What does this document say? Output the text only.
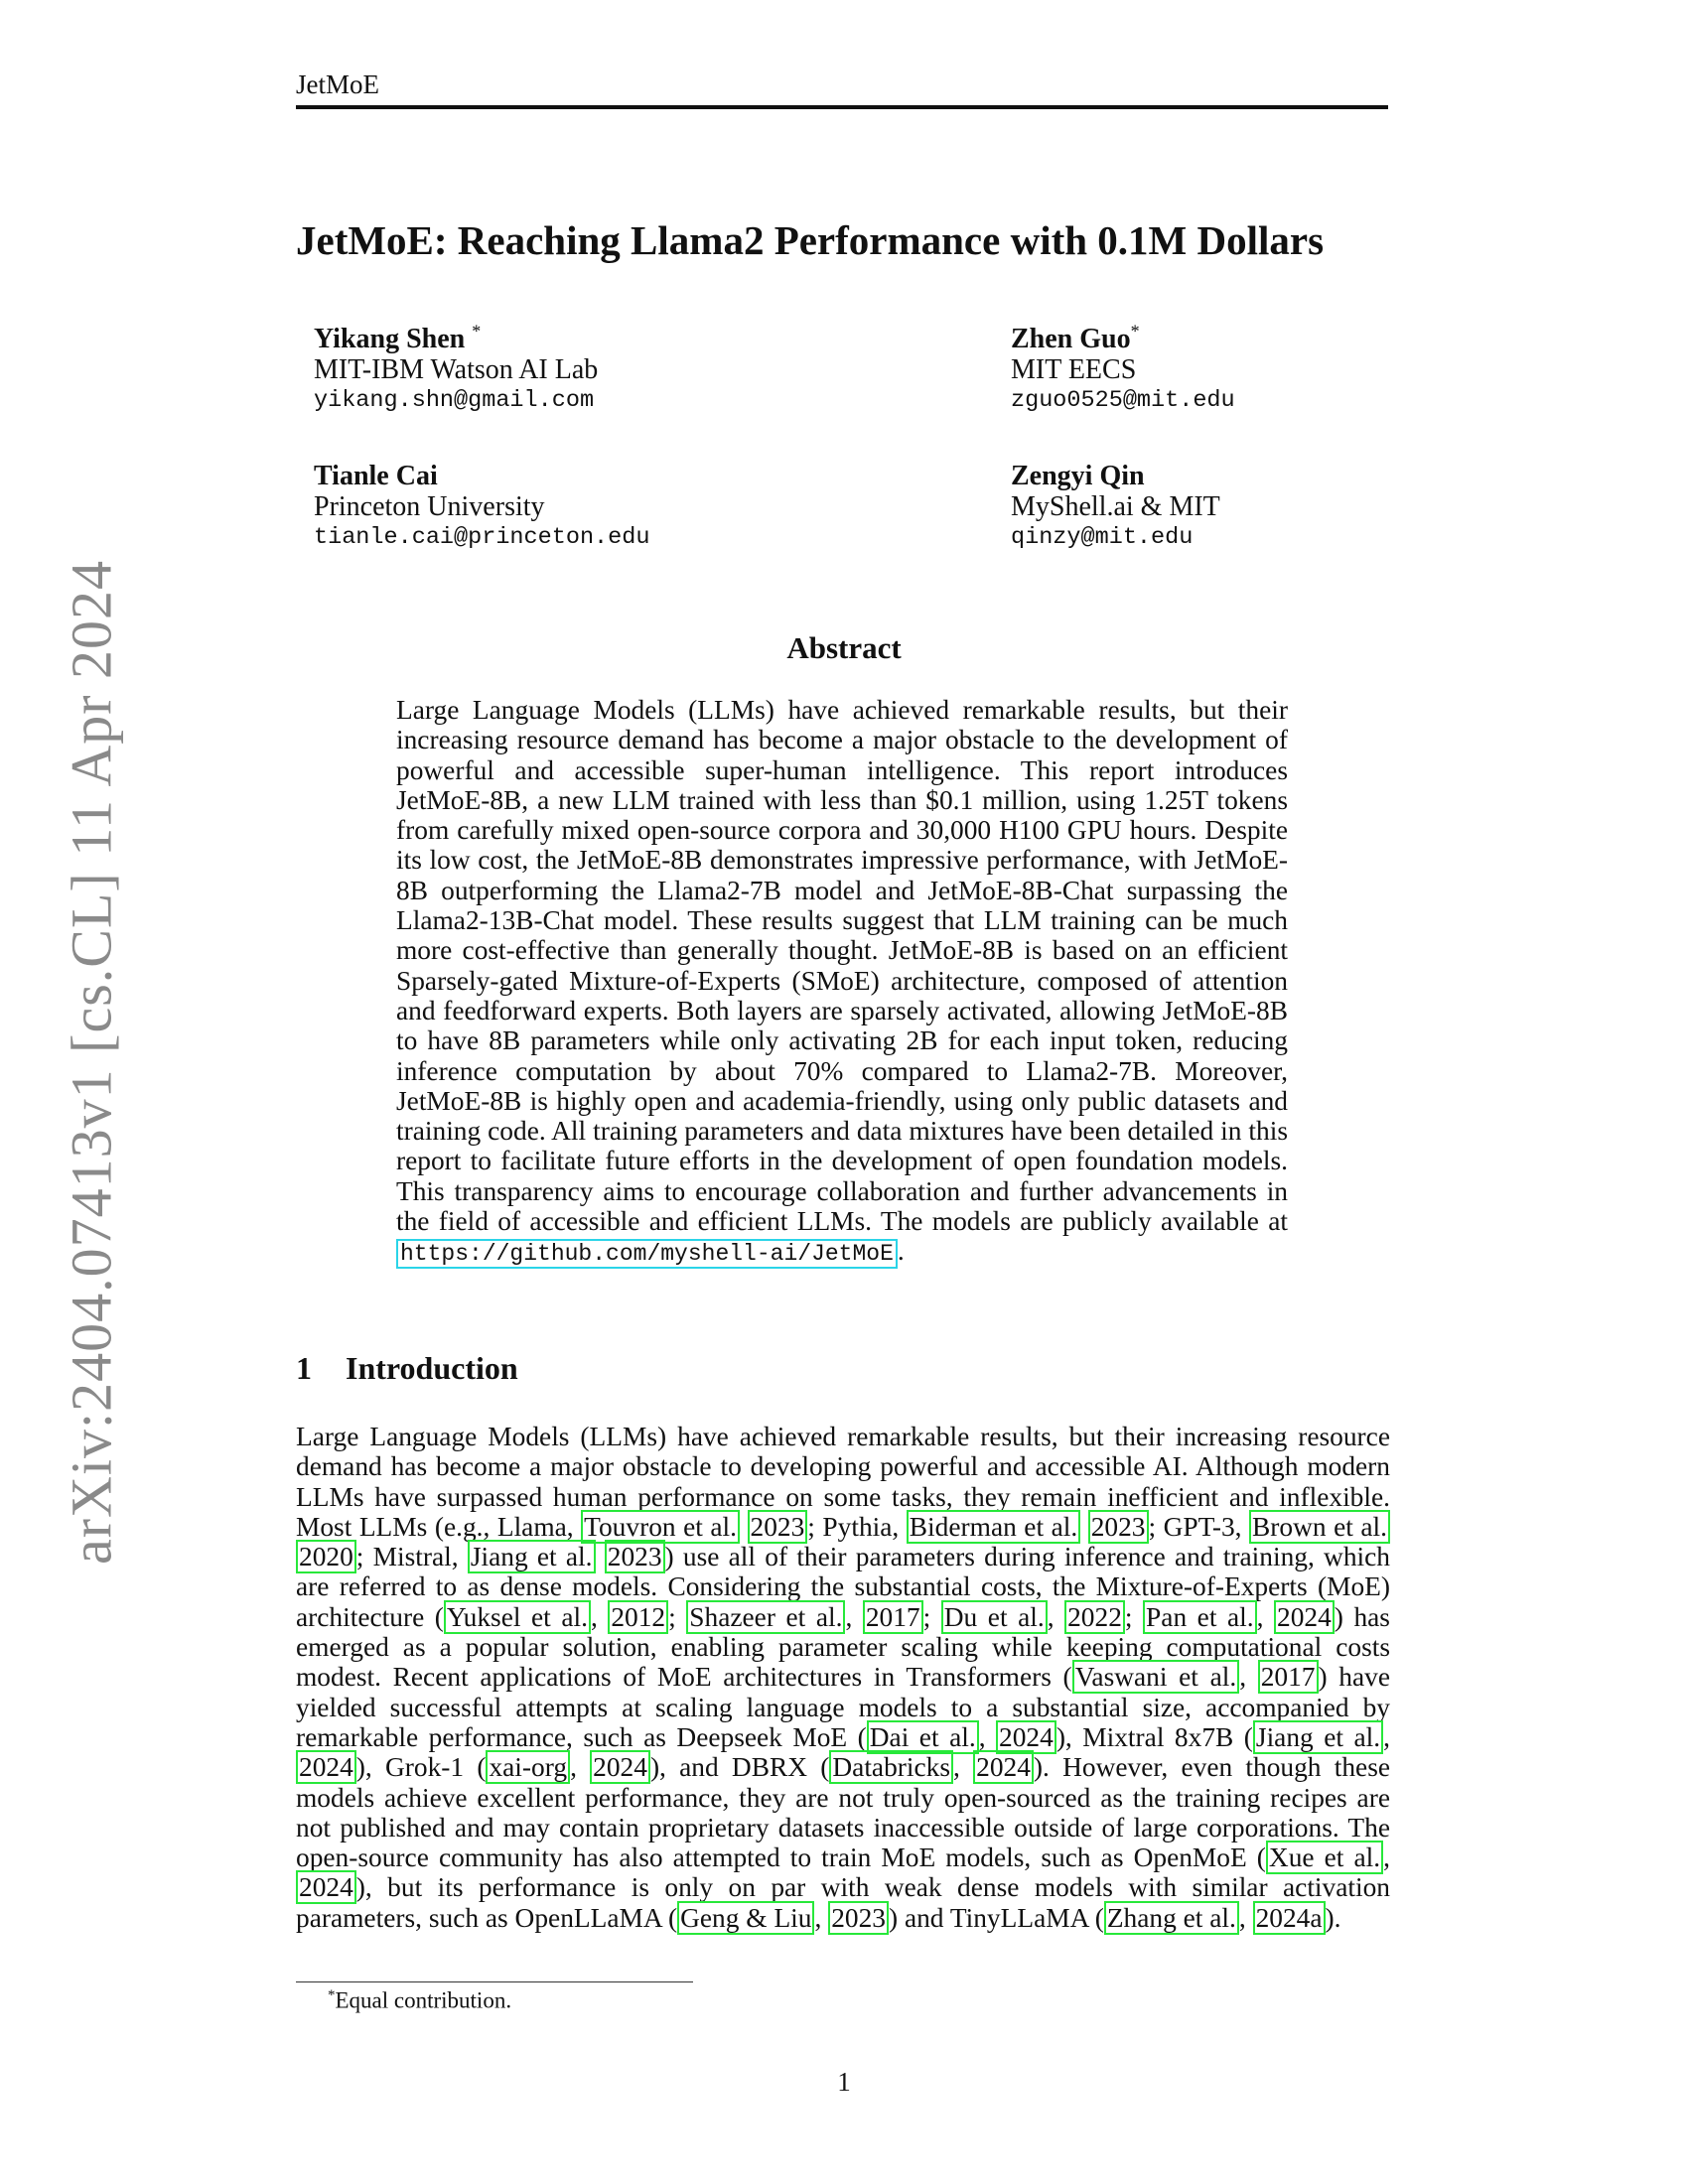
JetMoE
arXiv:2404.07413v1 [cs.CL] 11 Apr 2024
JetMoE: Reaching Llama2 Performance with 0.1M Dollars
Yikang Shen *
MIT-IBM Watson AI Lab
yikang.shn@gmail.com
Zhen Guo*
MIT EECS
zguo0525@mit.edu
Tianle Cai
Princeton University
tianle.cai@princeton.edu
Zengyi Qin
MyShell.ai & MIT
qinzy@mit.edu
Abstract
Large Language Models (LLMs) have achieved remarkable results, but their increasing resource demand has become a major obstacle to the development of powerful and accessible super-human intelligence. This report introduces JetMoE-8B, a new LLM trained with less than $0.1 million, using 1.25T tokens from carefully mixed open-source corpora and 30,000 H100 GPU hours. Despite its low cost, the JetMoE-8B demonstrates impressive performance, with JetMoE-8B outperforming the Llama2-7B model and JetMoE-8B-Chat surpassing the Llama2-13B-Chat model. These results suggest that LLM training can be much more cost-effective than generally thought. JetMoE-8B is based on an efficient Sparsely-gated Mixture-of-Experts (SMoE) architecture, composed of attention and feedforward experts. Both layers are sparsely activated, allowing JetMoE-8B to have 8B parameters while only activating 2B for each input token, reducing inference computation by about 70% compared to Llama2-7B. Moreover, JetMoE-8B is highly open and academia-friendly, using only public datasets and training code. All training parameters and data mixtures have been detailed in this report to facilitate future efforts in the development of open foundation models. This transparency aims to encourage collaboration and further advancements in the field of accessible and efficient LLMs. The models are publicly available at https://github.com/myshell-ai/JetMoE .
1 Introduction
Large Language Models (LLMs) have achieved remarkable results, but their increasing resource demand has become a major obstacle to developing powerful and accessible AI. Although modern LLMs have surpassed human performance on some tasks, they remain inefficient and inflexible. Most LLMs (e.g., Llama, Touvron et al. 2023 ; Pythia, Biderman et al. 2023 ; GPT-3, Brown et al. 2020 ; Mistral, Jiang et al. 2023 ) use all of their parameters during inference and training, which are referred to as dense models. Considering the substantial costs, the Mixture-of-Experts (MoE) architecture ( Yuksel et al. , 2012 ; Shazeer et al. , 2017 ; Du et al. , 2022 ; Pan et al. , 2024 ) has emerged as a popular solution, enabling parameter scaling while keeping computational costs modest. Recent applications of MoE architectures in Transformers ( Vaswani et al. , 2017 ) have yielded successful attempts at scaling language models to a substantial size, accompanied by remarkable performance, such as Deepseek MoE ( Dai et al. , 2024 ), Mixtral 8x7B ( Jiang et al. , 2024 ), Grok-1 ( xai-org , 2024 ), and DBRX ( Databricks , 2024 ). However, even though these models achieve excellent performance, they are not truly open-sourced as the training recipes are not published and may contain proprietary datasets inaccessible outside of large corporations. The open-source community has also attempted to train MoE models, such as OpenMoE ( Xue et al. , 2024 ), but its performance is only on par with weak dense models with similar activation parameters, such as OpenLLaMA ( Geng & Liu , 2023 ) and TinyLLaMA ( Zhang et al. , 2024a ).
*Equal contribution.
1
